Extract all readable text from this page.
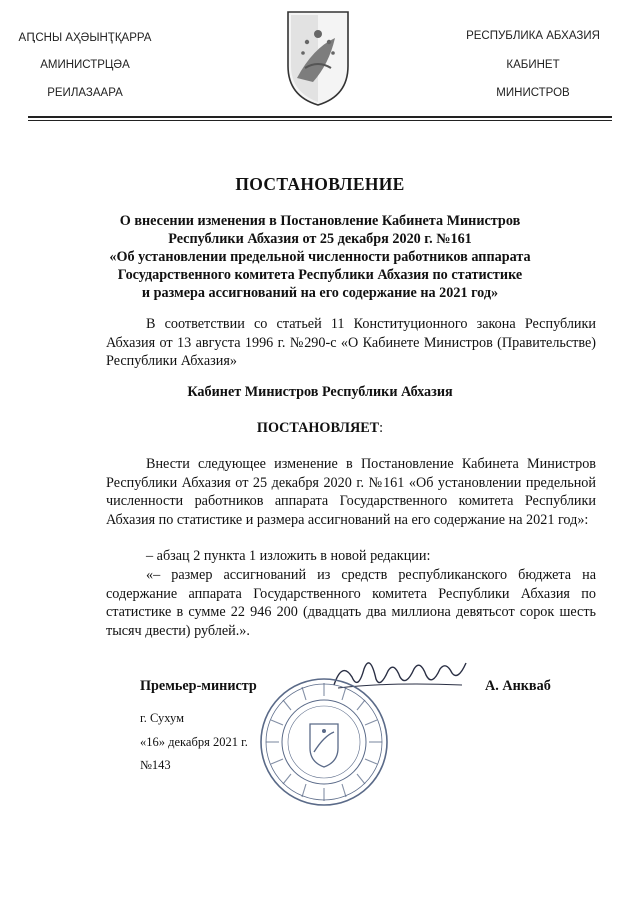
АԤСНЫ АҲӘЫНҬҚАРРА
АМИНИСТРЦӘА
РЕИЛАЗААРА
РЕСПУБЛИКА АБХАЗИЯ
КАБИНЕТ
МИНИСТРОВ
ПОСТАНОВЛЕНИЕ
О внесении изменения в Постановление Кабинета Министров
Республики Абхазия от 25 декабря 2020 г. №161
«Об установлении предельной численности работников аппарата
Государственного комитета Республики Абхазия по статистике
и размера ассигнований на его содержание на 2021 год»
В соответствии со статьей 11 Конституционного закона Республики Абхазия от 13 августа 1996 г. №290-с «О Кабинете Министров (Правительстве) Республики Абхазия»
Кабинет Министров Республики Абхазия
ПОСТАНОВЛЯЕТ:
Внести следующее изменение в Постановление Кабинета Министров Республики Абхазия от 25 декабря 2020 г. №161 «Об установлении предельной численности работников аппарата Государственного комитета Республики Абхазия по статистике и размера ассигнований на его содержание на 2021 год»:
– абзац 2 пункта 1 изложить в новой редакции:
«– размер ассигнований из средств республиканского бюджета на содержание аппарата Государственного комитета Республики Абхазия по статистике в сумме 22 946 200 (двадцать два миллиона девятьсот сорок шесть тысяч двести) рублей.».
Премьер-министр	А. Анкваб
г. Сухум
«16» декабря 2021 г.
№143
